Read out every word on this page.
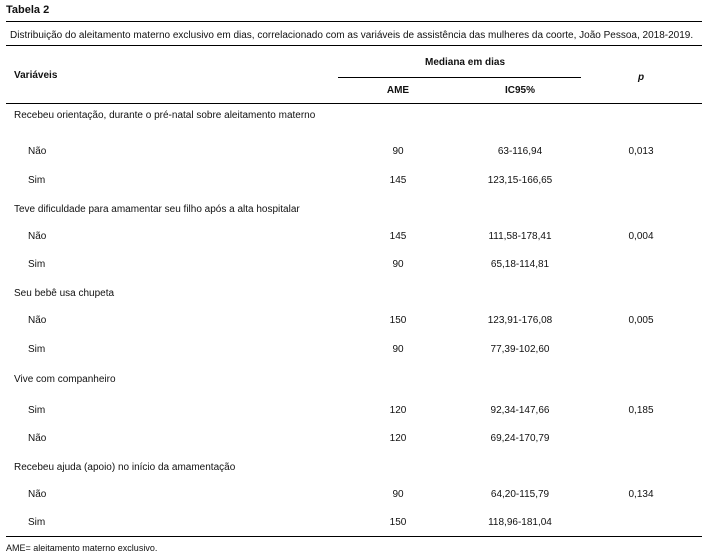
Tabela 2
Distribuição do aleitamento materno exclusivo em dias, correlacionado com as variáveis de assistência das mulheres da coorte, João Pessoa, 2018-2019.
Variáveis
Mediana em dias
AME	IC95%
p
Recebeu orientação, durante o pré-natal sobre aleitamento materno
Não	90	63-116,94	0,013
Sim	145	123,15-166,65
Teve dificuldade para amamentar seu filho após a alta hospitalar
Não	145	111,58-178,41	0,004
Sim	90	65,18-114,81
Seu bebê usa chupeta
Não	150	123,91-176,08	0,005
Sim	90	77,39-102,60
Vive com companheiro
Sim	120	92,34-147,66	0,185
Não	120	69,24-170,79
Recebeu ajuda (apoio) no início da amamentação
Não	90	64,20-115,79	0,134
Sim	150	118,96-181,04
AME= aleitamento materno exclusivo.
